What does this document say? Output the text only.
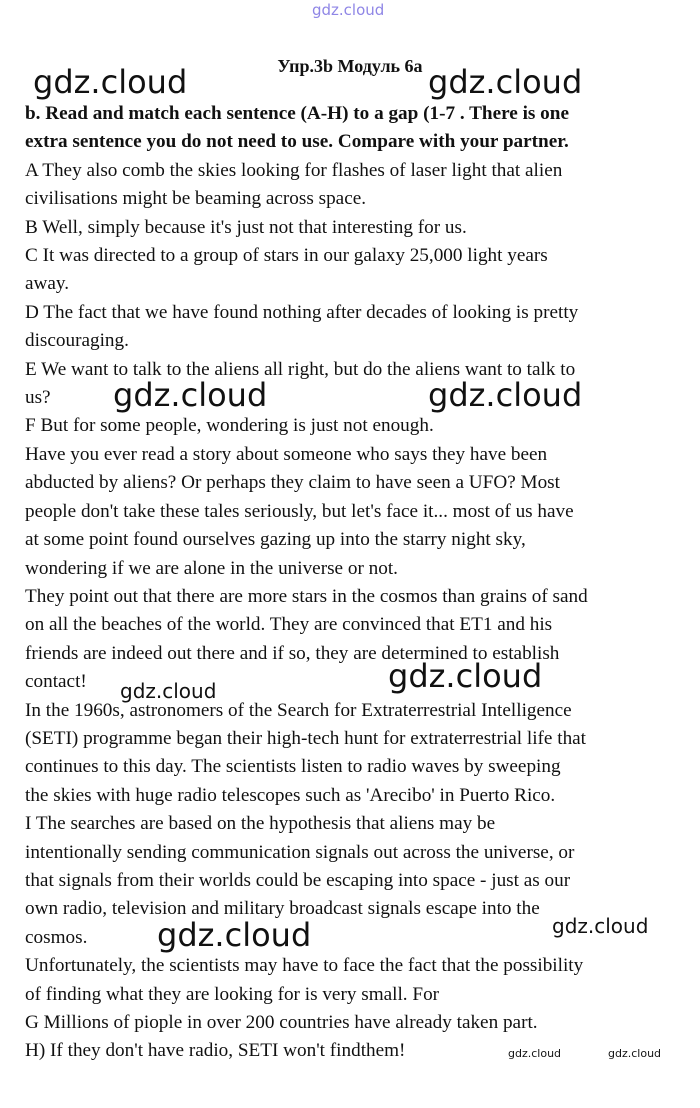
gdz.cloud
gdz.cloud	gdz.cloud
gdz.cloud	gdz.cloud
gdz.cloud	gdz.cloud
gdz.cloud	gdz.cloud
gdz.cloud	gdz.cloud
Упр.3b Модуль 6а

b. Read and match each sentence (A-H) to a gap (1-7 . There is one
extra sentence you do not need to use. Compare with your partner.

A They also comb the skies looking for flashes of laser light that alien
civilisations might be beaming across space.

B Well, simply because it's just not that interesting for us.

C It was directed to a group of stars in our galaxy 25,000 light years
away.

D The fact that we have found nothing after decades of looking is pretty
discouraging.

E We want to talk to the aliens all right, but do the aliens want to talk to
us?

F But for some people, wondering is just not enough.

Have you ever read a story about someone who says they have been
abducted by aliens? Or perhaps they claim to have seen a UFO? Most
people don't take these tales seriously, but let's face it... most of us have
at some point found ourselves gazing up into the starry night sky,
wondering if we are alone in the universe or not.

They point out that there are more stars in the cosmos than grains of sand
on all the beaches of the world. They are convinced that ET1 and his
friends are indeed out there and if so, they are determined to establish
contact!

In the 1960s, astronomers of the Search for Extraterrestrial Intelligence
(SETI) programme began their high-tech hunt for extraterrestrial life that
continues to this day. The scientists listen to radio waves by sweeping
the skies with huge radio telescopes such as 'Arecibo' in Puerto Rico.

I The searches are based on the hypothesis that aliens may be
intentionally sending communication signals out across the universe, or
that signals from their worlds could be escaping into space - just as our
own radio, television and military broadcast signals escape into the
cosmos.

Unfortunately, the scientists may have to face the fact that the possibility
of finding what they are looking for is very small. For

G Millions of piople in over 200 countries have already taken part.

H) If they don't have radio, SETI won't findthem!
